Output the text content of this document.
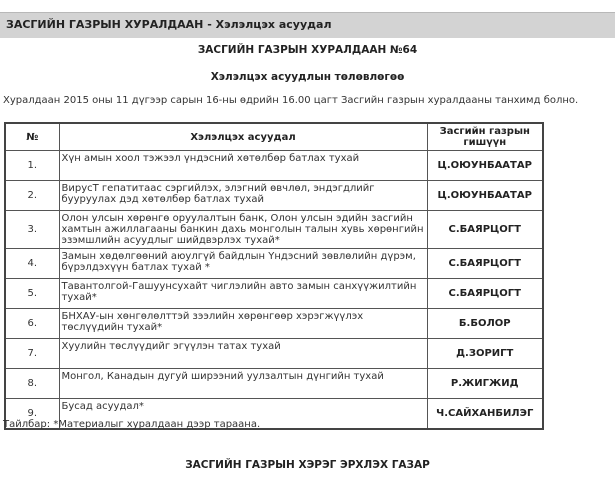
ЗАСГИЙН ГАЗРЫН ХУРАЛДААН - Хэлэлцэх асуудал
ЗАСГИЙН ГАЗРЫН ХУРАЛДААН №64
Хэлэлцэх асуудлын төлөвлөгөө
Хуралдаан 2015 оны 11 дүгээр сарын 16-ны өдрийн 16.00 цагт Засгийн газрын хуралдааны танхимд болно.
№	Хэлэлцэх асуудал	Засгийн газрын гишүүн
1.	Хүн амын хоол тэжээл үндэсний хөтөлбөр батлах тухай	Ц.ОЮУНБААТАР
2.	ВирусT гепатитаас сэргийлэх, элэгний өвчлөл, эндэгдлийг бууруулах дэд хөтөлбөр батлах тухай	Ц.ОЮУНБААТАР
3.	Олон улсын хөрөнгө оруулалтын банк, Олон улсын эдийн засгийн хамтын ажиллагааны банкин дахь монголын талын хувь хөрөнгийн эзэмшлийн асуудлыг шийдвэрлэх тухай*	С.БАЯРЦОГТ
4.	Замын хөдөлгөөний аюулгүй байдлын Үндэсний зөвлөлийн дүрэм, бүрэлдэхүүн батлах тухай *	С.БАЯРЦОГТ
5.	Тавантолгой-Гашуунсухайт чиглэлийн авто замын санхүүжилтийн тухай*	С.БАЯРЦОГТ
6.	БНХАУ-ын хөнгөлөлттэй зээлийн хөрөнгөөр хэрэгжүүлэх төслүүдийн тухай*	Б.БОЛОР
7.	Хуулийн төслүүдийг эгүүлэн татах тухай	Д.ЗОРИГТ
8.	Монгол, Канадын дугуй ширээний уулзалтын дүнгийн тухай	Р.ЖИГЖИД
9.	Бусад асуудал*	Ч.САЙХАНБИЛЭГ
Тайлбар: *Материалыг хуралдаан дээр тараана.
ЗАСГИЙН ГАЗРЫН ХЭРЭГ ЭРХЛЭХ ГАЗАР
